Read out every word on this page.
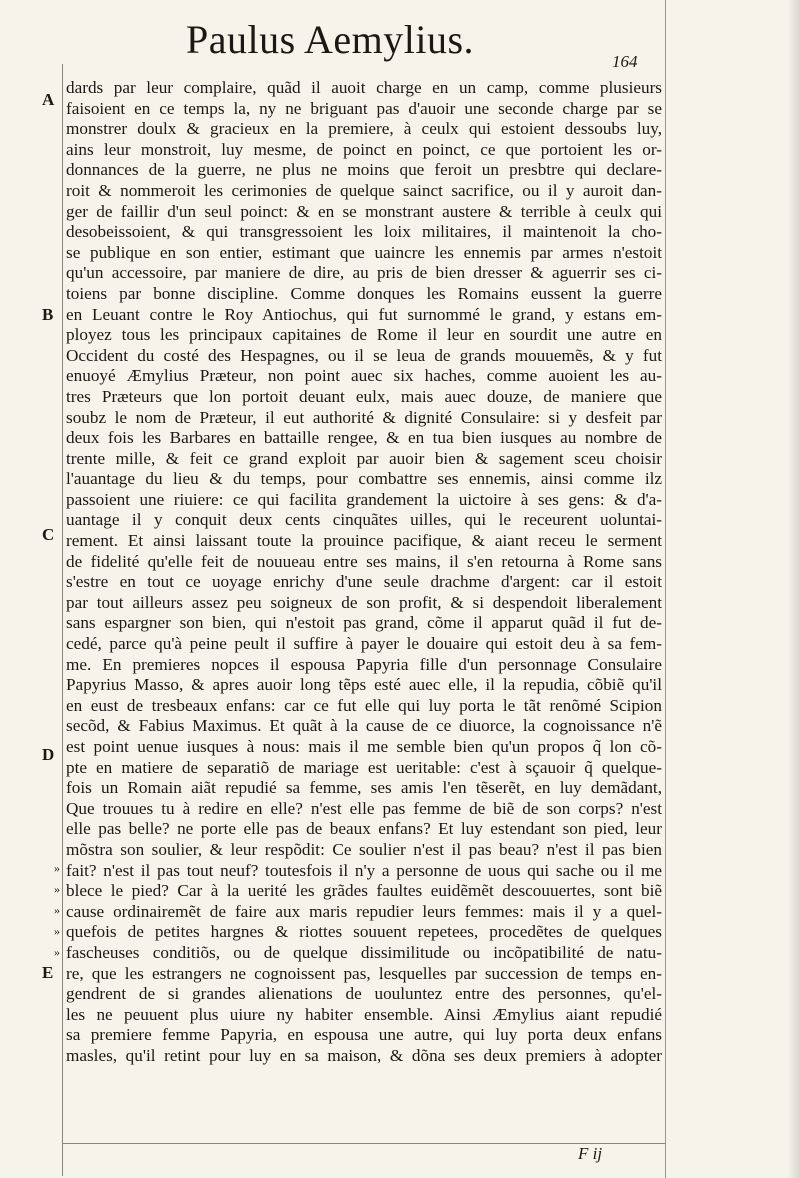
Paulus Aemylius.	164
A
B
C
D
E
»
»
»
»
»
dards par leur complaire, quãd il auoit charge en un camp, comme plusieurs
faisoient en ce temps la, ny ne briguant pas d'auoir une seconde charge par se
monstrer doulx & gracieux en la premiere, à ceulx qui estoient dessoubs luy,
ains leur monstroit, luy mesme, de poinct en poinct, ce que portoient les or-
donnances de la guerre, ne plus ne moins que feroit un presbtre qui declare-
roit & nommeroit les cerimonies de quelque sainct sacrifice, ou il y auroit dan-
ger de faillir d'un seul poinct: & en se monstrant austere & terrible à ceulx qui
desobeissoient, & qui transgressoient les loix militaires, il maintenoit la cho-
se publique en son entier, estimant que uaincre les ennemis par armes n'estoit
qu'un accessoire, par maniere de dire, au pris de bien dresser & aguerrir ses ci-
toiens par bonne discipline. Comme donques les Romains eussent la guerre
en Leuant contre le Roy Antiochus, qui fut surnommé le grand, y estans em-
ployez tous les principaux capitaines de Rome il leur en sourdit une autre en
Occident du costé des Hespagnes, ou il se leua de grands mouuemẽs, & y fut
enuoyé Æmylius Prætеur, non point auec six haches, comme auoient les au-
tres Præteurs que lon portoit deuant eulx, mais auec douze, de maniere que
soubz le nom de Præteur, il eut authorité & dignité Consulaire: si y desfeit par
deux fois les Barbares en battaille rengee, & en tua bien iusques au nombre de
trente mille, & feit ce grand exploit par auoir bien & sagement sceu choisir
l'auantage du lieu & du temps, pour combattre ses ennemis, ainsi comme ilz
passoient une riuiere: ce qui facilita grandement la uictoire à ses gens: & d'a-
uantage il y conquit deux cents cinquãtes uilles, qui le receurent uoluntai-
rement. Et ainsi laissant toute la prouince pacifique, & aiant receu le serment
de fidelité qu'elle feit de nouueau entre ses mains, il s'en retourna à Rome sans
s'estre en tout ce uoyage enrichy d'une seule drachme d'argent: car il estoit
par tout ailleurs assez peu soigneux de son profit, & si despendoit liberalement
sans espargner son bien, qui n'estoit pas grand, cõme il apparut quãd il fut de-
cedé, parce qu'à peine peult il suffire à payer le douaire qui estoit deu à sa fem-
me. En premieres nopces il espousa Papyria fille d'un personnage Consulaire
Papyrius Masso, & apres auoir long tẽps esté auec elle, il la repudia, cõbiẽ qu'il
en eust de tresbeaux enfans: car ce fut elle qui luy porta le tãt renõmé Scipion
secõd, & Fabius Maximus. Et quãt à la cause de ce diuorce, la cognoissance n'ẽ
est point uenue iusques à nous: mais il me semble bien qu'un propos q̃ lon cõ-
pte en matiere de separatiõ de mariage est ueritable: c'est à sçauoir q̃ quelque-
fois un Romain aiãt repudié sa femme, ses amis l'en tẽserẽt, en luy demãdant,
Que trouues tu à redire en elle? n'est elle pas femme de biẽ de son corps? n'est
elle pas belle? ne porte elle pas de beaux enfans? Et luy estendant son pied, leur
mõstra son soulier, & leur respõdit: Ce soulier n'est il pas beau? n'est il pas bien
fait? n'est il pas tout neuf? toutesfois il n'y a personne de uous qui sache ou il me
blece le pied? Car à la uerité les grãdes faultes euidẽmẽt descouuertes, sont biẽ
cause ordinairemẽt de faire aux maris repudier leurs femmes: mais il y a quel-
quefois de petites hargnes & riottes souuent repetees, procedẽtes de quelques
fascheuses conditiõs, ou de quelque dissimilitude ou incõpatibilité de natu-
re, que les estrangers ne cognoissent pas, lesquelles par succession de temps en-
gendrent de si grandes alienations de uouluntez entre des personnes, qu'el-
les ne peuuent plus uiure ny habiter ensemble. Ainsi Æmylius aiant repudié
sa premiere femme Papyria, en espousa une autre, qui luy porta deux enfans
masles, qu'il retint pour luy en sa maison, & dõna ses deux premiers à adopter
F ij
